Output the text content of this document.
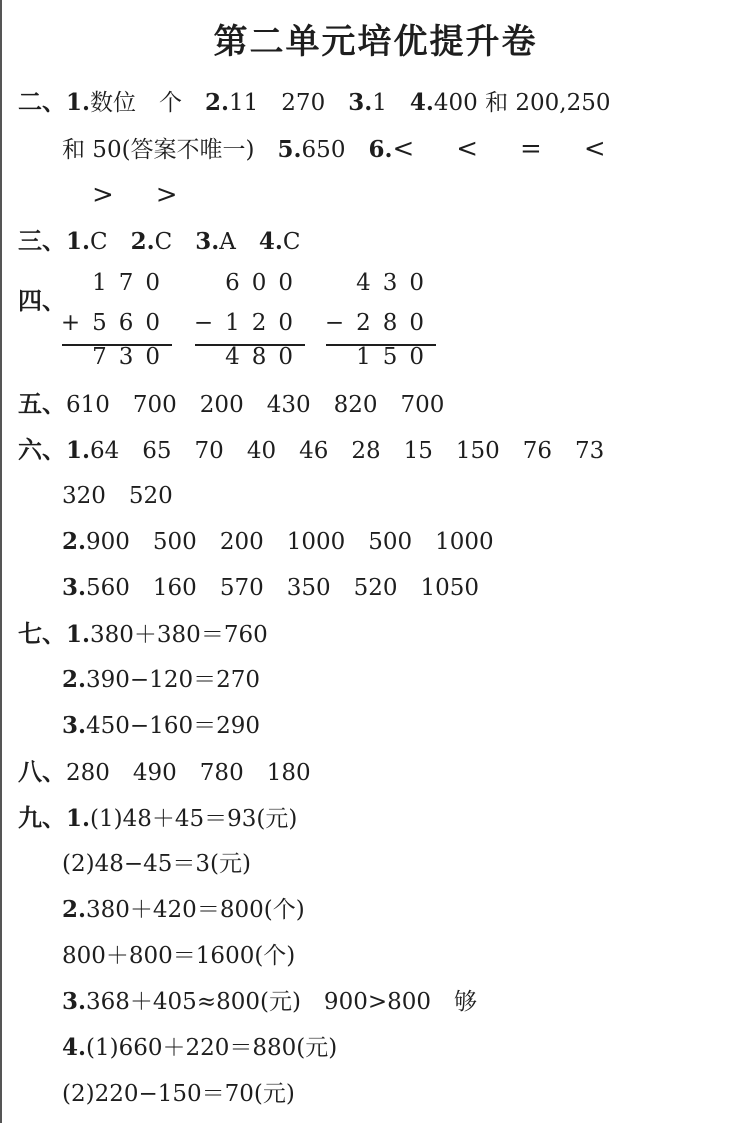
第二单元培优提升卷
二、1.数位　个　 2.11　270　 3.1　 4.400 和 200,250
和 50(答案不唯一)　 5.650　 6.<　<　=　<
>　>
三、1.C　 2.C　 3.A　 4.C
四、
170
+560
730
600
−120
480
430
−280
150
五、610　700　200　430　820　700
六、1.64　65　70　40　46　28　15　150　76　73
320　520
2.900　500　200　1000　500　1000
3.560　160　570　350　520　1050
七、1.380＋380＝760
2.390−120＝270
3.450−160＝290
八、280　490　780　180
九、1.(1)48＋45＝93(元)
(2)48−45＝3(元)
2.380＋420＝800(个)
800＋800＝1600(个)
3.368＋405≈800(元)　900>800　够
4.(1)660＋220＝880(元)
(2)220−150＝70(元)
